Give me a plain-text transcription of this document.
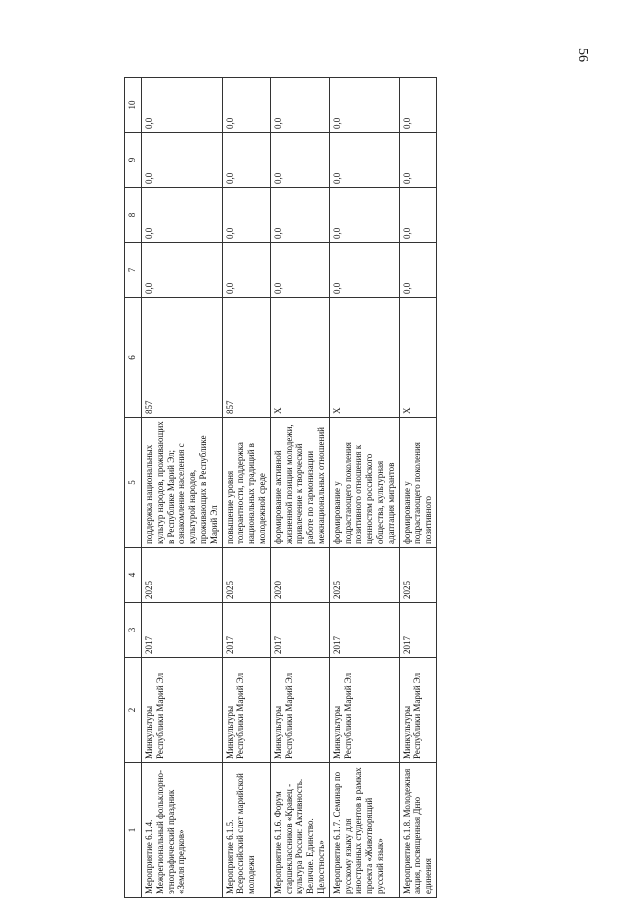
56
1	2	3	4	5	6	7	8	9	10
Мероприятие 6.1.4. Межрегиональный фольклорно-этнографический праздник «Земля предков»	Минкультуры Республики Марий Эл	2017	2025	поддержка национальных культур народов, проживающих в Республике Марий Эл; ознакомление населения с культурой народов, проживающих в Республике Марий Эл	857	0,0	0,0	0,0	0,0
Мероприятие 6.1.5. Всероссийский слет марийской молодежи	Минкультуры Республики Марий Эл	2017	2025	повышение уровня толерантности, поддержка национальных традиций в молодежной среде	857	0,0	0,0	0,0	0,0
Мероприятие 6.1.6. Форум старшеклассников «Кравец - культура России: Активность. Величие. Единство. Целостность»	Минкультуры Республики Марий Эл	2017	2020	формирование активной жизненной позиции молодежи, привлечение к творческой работе по гармонизации межнациональных отношений	Х	0,0	0,0	0,0	0,0
Мероприятие 6.1.7. Семинар по русскому языку для иностранных студентов в рамках проекта «Животворящий русский язык»	Минкультуры Республики Марий Эл	2017	2025	формирование у подрастающего поколения позитивного отношения к ценностям российского общества, культурная адаптация мигрантов	Х	0,0	0,0	0,0	0,0
Мероприятие 6.1.8. Молодежная акция, посвященная Дню единения	Минкультуры Республики Марий Эл	2017	2025	формирование у подрастающего поколения позитивного	Х	0,0	0,0	0,0	0,0
